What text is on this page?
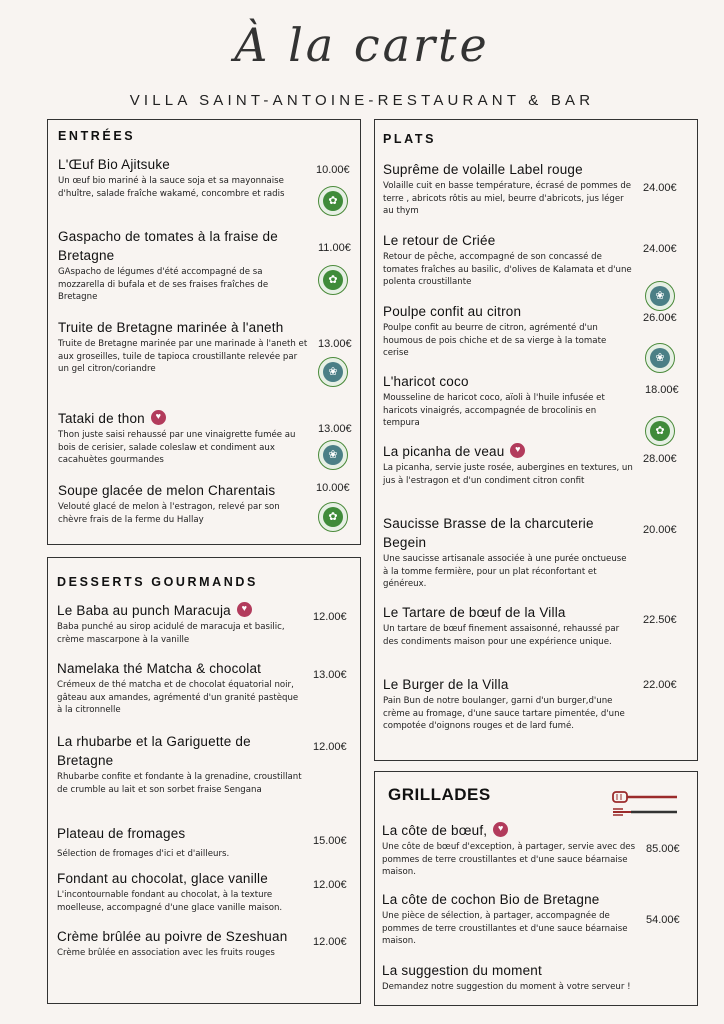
À la carte
VILLA SAINT-ANTOINE-RESTAURANT & BAR
ENTRÉES
L'Œuf Bio Ajitsuke
Un œuf bio mariné à la sauce soja et sa mayonnaise d'huître, salade fraîche wakamé, concombre et radis
10.00€
✿
Gaspacho de tomates à la fraise de Bretagne
GAspacho de légumes d'été accompagné de sa mozzarella di bufala et de ses fraises fraîches de Bretagne
11.00€
✿
Truite de Bretagne marinée à l'aneth
Truite de Bretagne marinée par une marinade à l'aneth et aux groseilles, tuile de tapioca croustillante relevée par un gel citron/coriandre
13.00€
❀
Tataki de thon♥
Thon juste saisi rehaussé par une vinaigrette fumée au bois de cerisier, salade coleslaw et condiment aux cacahuètes gourmandes
13.00€
❀
Soupe glacée de melon Charentais
Velouté glacé de melon à l'estragon, relevé par son chèvre frais de la ferme du Hallay
10.00€
✿
DESSERTS GOURMANDS
Le Baba au punch Maracuja♥
Baba punché au sirop acidulé de maracuja et basilic, crème mascarpone à la vanille
12.00€
Namelaka thé Matcha & chocolat
Crémeux de thé matcha et de chocolat équatorial noir, gâteau aux amandes, agrémenté d'un granité pastèque à la citronnelle
13.00€
La rhubarbe et la Gariguette de Bretagne
Rhubarbe confite et fondante à la grenadine, croustillant de crumble au lait et son sorbet fraise Sengana
12.00€
Plateau de fromages
Sélection de fromages d'ici et d'ailleurs.
15.00€
Fondant au chocolat, glace vanille
L'incontournable fondant au chocolat, à la texture moelleuse, accompagné d'une glace vanille maison.
12.00€
Crème brûlée au poivre de Szeshuan
Crème brûlée en association avec les fruits rouges
12.00€
PLATS
Suprême de volaille Label rouge
Volaille cuit en basse température, écrasé de pommes de terre , abricots rôtis au miel, beurre d'abricots, jus léger au thym
24.00€
Le retour de Criée
Retour de pêche, accompagné de son concassé de tomates fraîches au basilic, d'olives de Kalamata et d'une polenta croustillante
24.00€
❀
Poulpe confit au citron
Poulpe confit au beurre de citron, agrémenté d'un houmous de pois chiche et de sa vierge à la tomate cerise
26.00€
❀
L'haricot coco
Mousseline de haricot coco, aïoli à l'huile infusée et haricots vinaigrés, accompagnée de brocolinis en tempura
18.00€
✿
La picanha de veau♥
La picanha, servie juste rosée, aubergines en textures, un jus à l'estragon et d'un condiment citron confit
28.00€
Saucisse Brasse de la charcuterie Begein
Une saucisse artisanale associée à une purée onctueuse à la tomme fermière, pour un plat réconfortant et généreux.
20.00€
Le Tartare de bœuf de la Villa
Un tartare de bœuf finement assaisonné, rehaussé par des condiments maison pour une expérience unique.
22.50€
Le Burger de la Villa
Pain Bun de notre boulanger, garni d'un burger,d'une crème au fromage, d'une sauce tartare pimentée, d'une compotée d'oignons rouges et de lard fumé.
22.00€
GRILLADES
La côte de bœuf,♥
Une côte de bœuf d'exception, à partager, servie avec des pommes de terre croustillantes et d'une sauce béarnaise maison.
85.00€
La côte de cochon Bio de Bretagne
Une pièce de sélection, à partager, accompagnée de pommes de terre croustillantes et d'une sauce béarnaise maison.
54.00€
La suggestion du moment
Demandez notre suggestion du moment à votre serveur !
